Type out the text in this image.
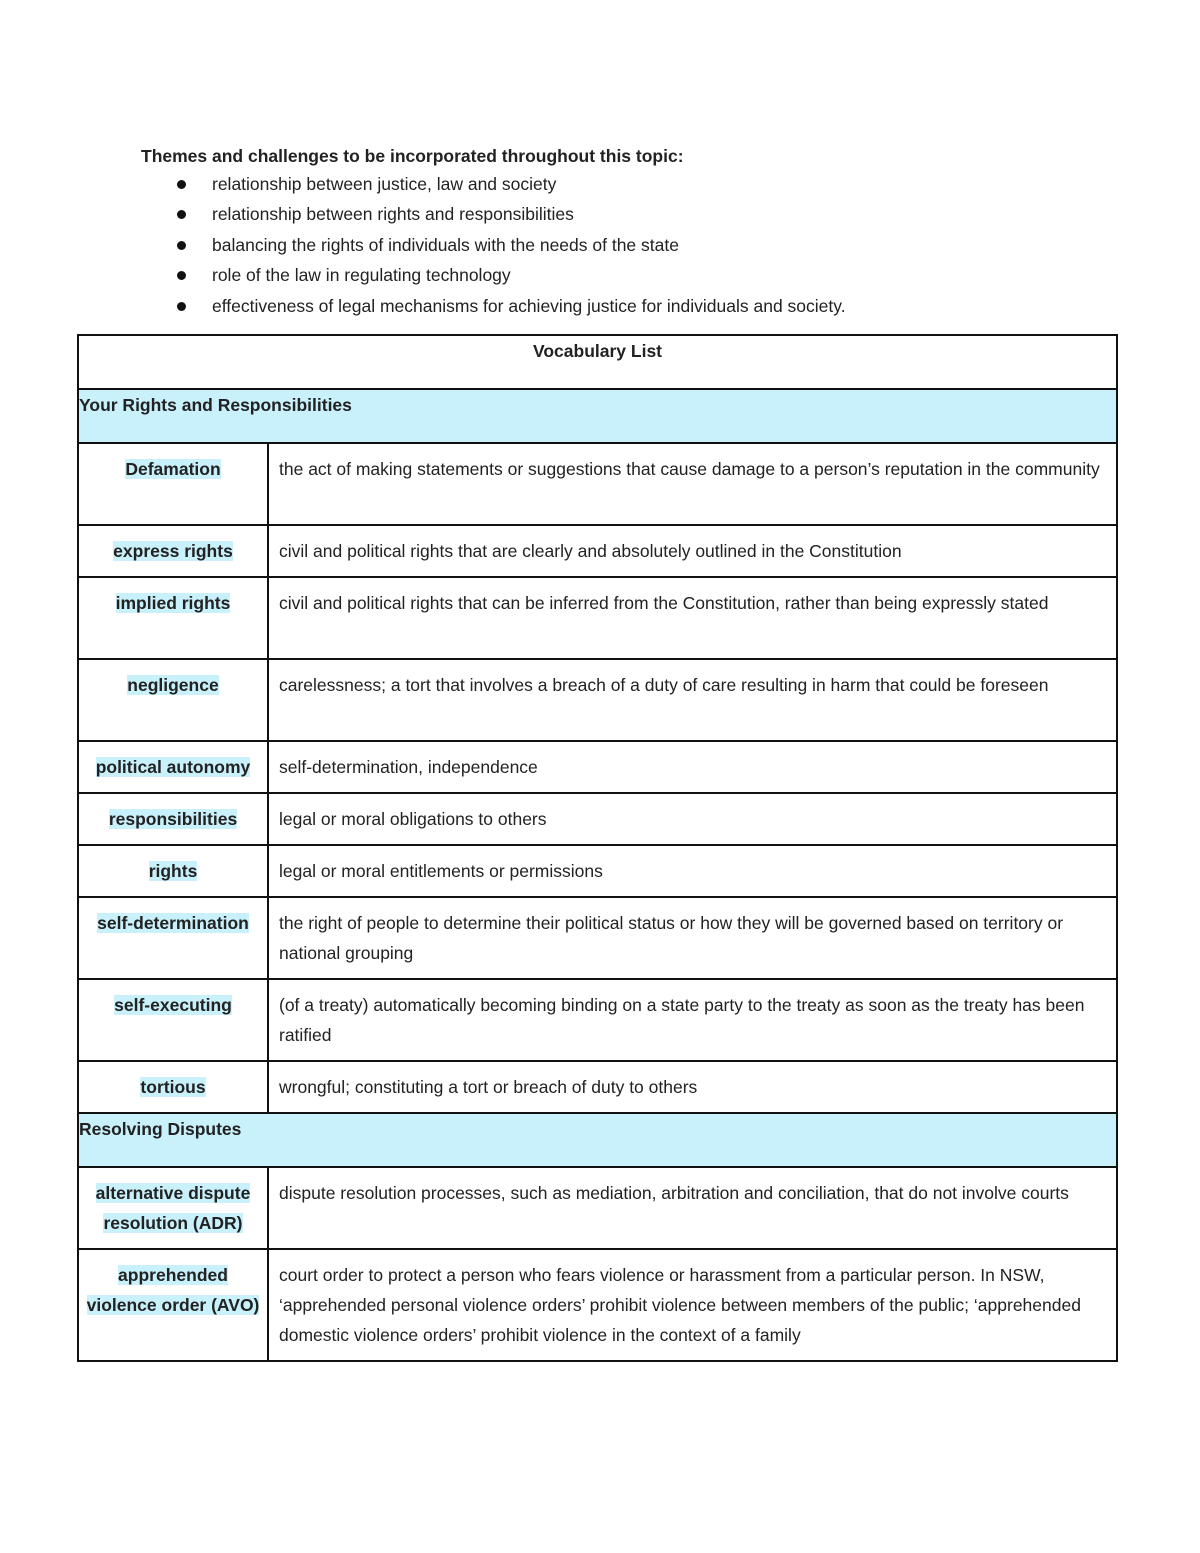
Themes and challenges to be incorporated throughout this topic:

relationship between justice, law and society
relationship between rights and responsibilities
balancing the rights of individuals with the needs of the state
role of the law in regulating technology
effectiveness of legal mechanisms for achieving justice for individuals and society.
Vocabulary List	
Your Rights and Responsibilities	
Defamation	the act of making statements or suggestions that cause damage to a person’s reputation in the community
express rights	civil and political rights that are clearly and absolutely outlined in the Constitution
implied rights	civil and political rights that can be inferred from the Constitution, rather than being expressly stated
negligence	carelessness; a tort that involves a breach of a duty of care resulting in harm that could be foreseen
political autonomy	self-determination, independence
responsibilities	legal or moral obligations to others
rights	legal or moral entitlements or permissions
self-determination	the right of people to determine their political status or how they will be governed based on territory or national grouping
self-executing	(of a treaty) automatically becoming binding on a state party to the treaty as soon as the treaty has been ratified
tortious	wrongful; constituting a tort or breach of duty to others
Resolving Disputes	
alternative dispute resolution (ADR)	dispute resolution processes, such as mediation, arbitration and conciliation, that do not involve courts
apprehended violence order (AVO)	court order to protect a person who fears violence or harassment from a particular person. In NSW, ‘apprehended personal violence orders’ prohibit violence between members of the public; ‘apprehended domestic violence orders’ prohibit violence in the context of a family
